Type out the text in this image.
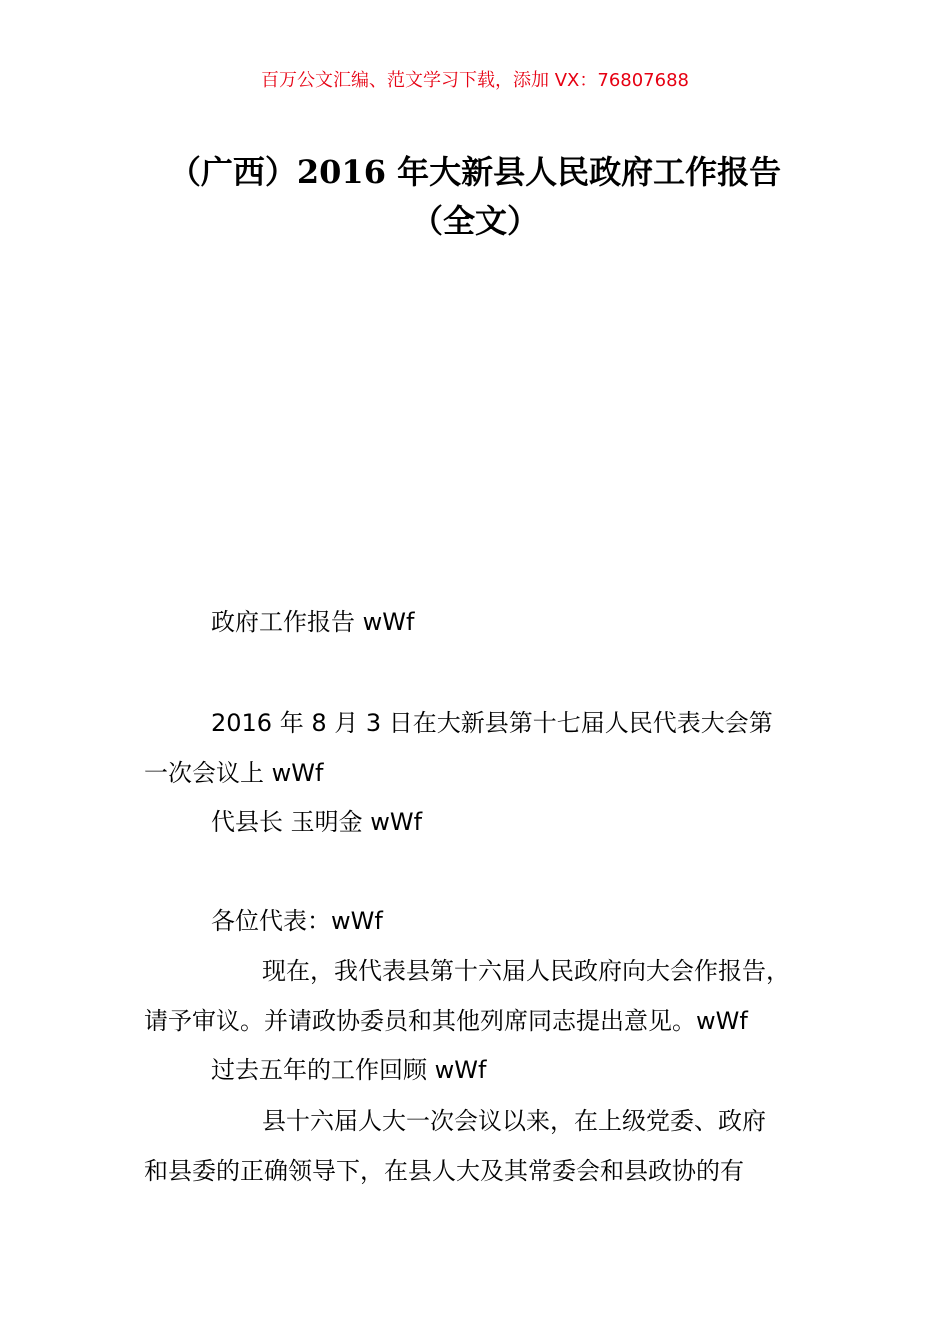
百万公文汇编、范文学习下载，添加 VX：76807688
（广西）2016 年大新县人民政府工作报告
（全文）
政府工作报告 wWf
2016 年 8 月 3 日在大新县第十七届人民代表大会第
一次会议上 wWf
代县长 玉明金 wWf
各位代表：wWf
现在，我代表县第十六届人民政府向大会作报告，
请予审议。并请政协委员和其他列席同志提出意见。wWf
过去五年的工作回顾 wWf
县十六届人大一次会议以来，在上级党委、政府
和县委的正确领导下，在县人大及其常委会和县政协的有
